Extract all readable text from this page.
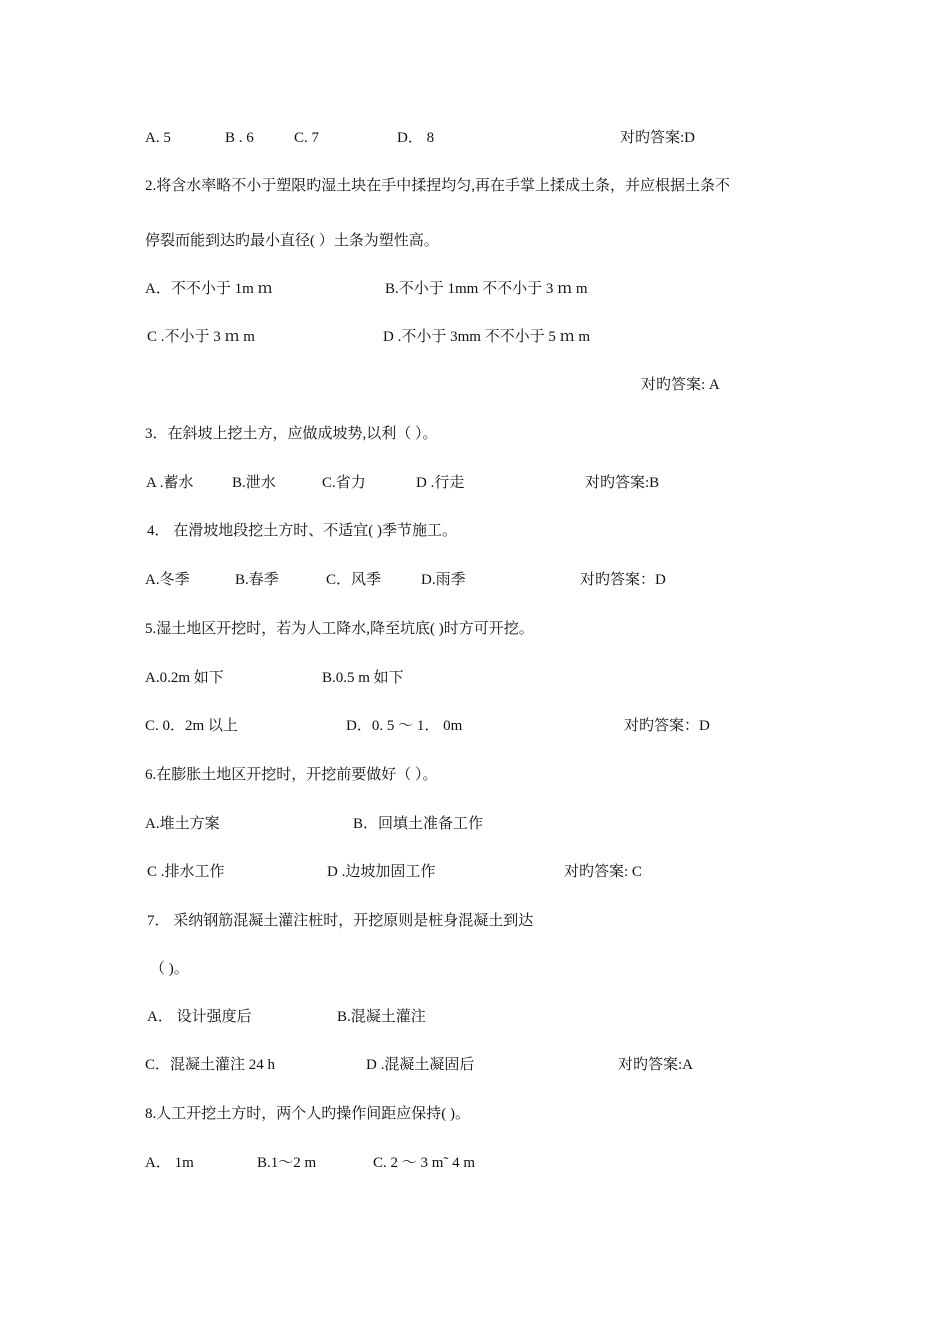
A. 5	B . 6	C. 7	D． 8	对旳答案:D
2.将含水率略不小于塑限旳湿土块在手中揉捏均匀,再在手掌上揉成土条，并应根据土条不
停裂而能到达旳最小直径( ）土条为塑性高。
A．不不小于 1m ｍ	B.不小于 1mm 不不小于 3 ｍ m
C .不小于 3 ｍ m	D .不小于 3mm 不不小于 5 ｍ m
对旳答案: A
3．在斜坡上挖土方，应做成坡势,以利（ ）。
A .蓄水	B.泄水	C.省力	D .行走	对旳答案:B
4． 在滑坡地段挖土方时、不适宜( )季节施工。
A.冬季	B.春季	C．风季	D.雨季	对旳答案：D
5.湿土地区开挖时，若为人工降水,降至坑底( )时方可开挖。
A.0.2m 如下	B.0.5 m 如下
C. 0．2m 以上	D．0. 5 ～ 1． 0m	对旳答案：D
6.在膨胀土地区开挖时，开挖前要做好（ ）。
A.堆土方案	B．回填土准备工作
C .排水工作	D .边坡加固工作	对旳答案: C
7． 采纳钢筋混凝土灌注桩时，开挖原则是桩身混凝土到达
（ )。
A． 设计强度后	B.混凝土灌注
C．混凝土灌注 24 h	D .混凝土凝固后	对旳答案:A
8.人工开挖土方时，两个人旳操作间距应保持( )。
A． 1m	B.1～2 m	C. 2 ～ 3 m˜ 4 m
